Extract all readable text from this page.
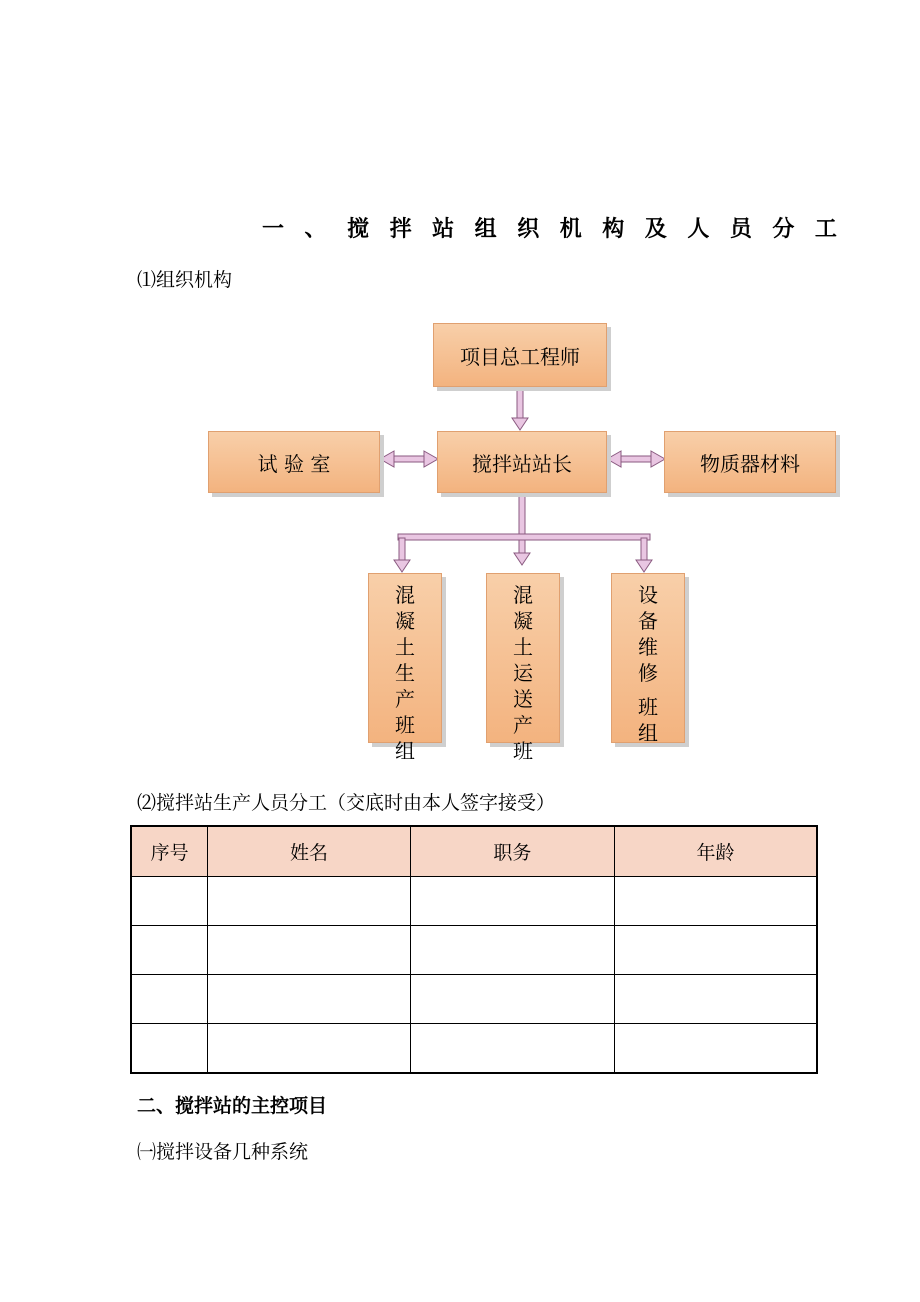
一 、 搅 拌 站 组 织 机 构 及 人 员 分 工
⑴组织机构
项目总工程师
试 验 室	搅拌站站长	物质器材料
混
凝
土
生
产
班
组
混
凝
土
运
送
产
班
设
备
维
修

班
组
⑵搅拌站生产人员分工（交底时由本人签字接受）
序号	姓名	职务	年龄

二、搅拌站的主控项目
㈠搅拌设备几种系统
